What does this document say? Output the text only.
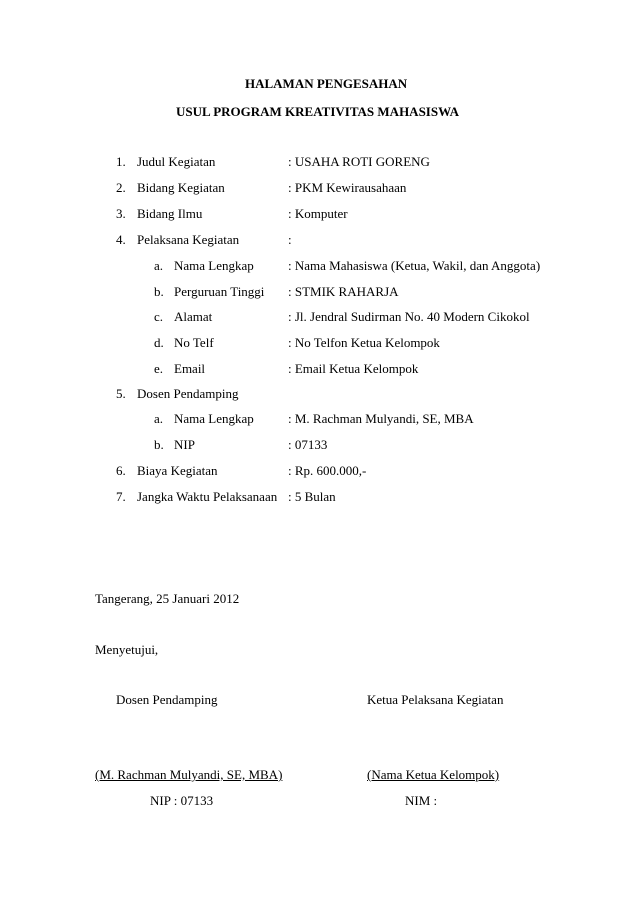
HALAMAN PENGESAHAN
USUL PROGRAM KREATIVITAS MAHASISWA
1. Judul Kegiatan	: USAHA ROTI GORENG
2. Bidang Kegiatan	: PKM Kewirausahaan
3. Bidang Ilmu	: Komputer
4. Pelaksana Kegiatan	:
a. Nama Lengkap	: Nama Mahasiswa (Ketua, Wakil, dan Anggota)
b. Perguruan Tinggi : STMIK RAHARJA
c. Alamat	: Jl. Jendral Sudirman No. 40 Modern Cikokol
d. No Telf	: No Telfon Ketua Kelompok
e. Email	: Email Ketua Kelompok
5. Dosen Pendamping
a. Nama Lengkap	: M. Rachman Mulyandi, SE, MBA
b. NIP	: 07133
6. Biaya Kegiatan	: Rp. 600.000,-
7. Jangka Waktu Pelaksanaan : 5 Bulan
Tangerang, 25 Januari 2012
Menyetujui,
Dosen Pendamping	Ketua Pelaksana Kegiatan
(M. Rachman Mulyandi, SE, MBA)	(Nama Ketua Kelompok)
NIP : 07133	NIM :
